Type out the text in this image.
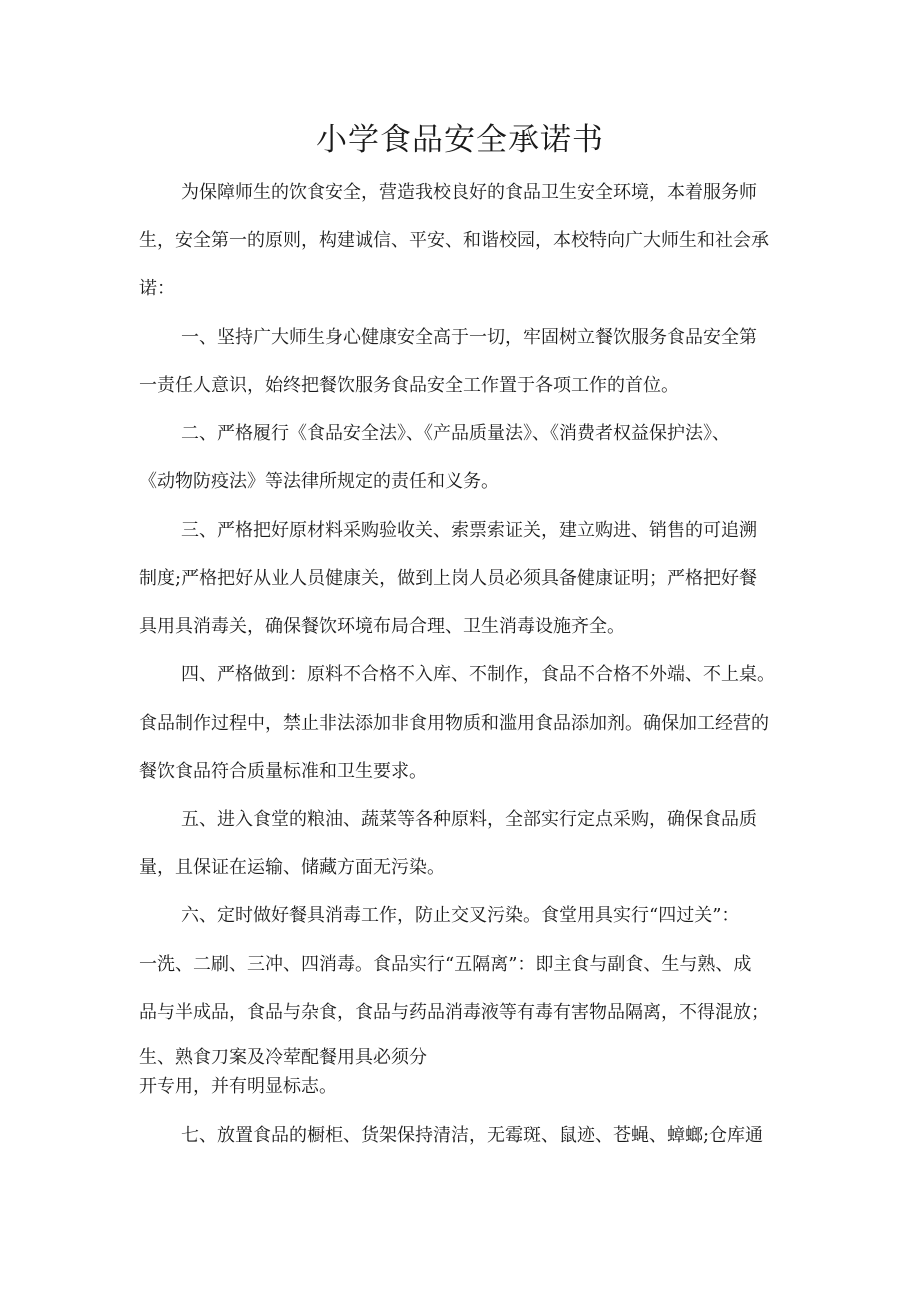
小学食品安全承诺书

为保障师生的饮食安全，营造我校良好的食品卫生安全环境，本着服务师

生，安全第一的原则，构建诚信、平安、和谐校园，本校特向广大师生和社会承

诺：

一、坚持广大师生身心健康安全高于一切，牢固树立餐饮服务食品安全第

一责任人意识，始终把餐饮服务食品安全工作置于各项工作的首位。

二、严格履行《食品安全法》、《产品质量法》、《消费者权益保护法》、

《动物防疫法》等法律所规定的责任和义务。

三、严格把好原材料采购验收关、索票索证关，建立购进、销售的可追溯

制度;严格把好从业人员健康关，做到上岗人员必须具备健康证明；严格把好餐

具用具消毒关，确保餐饮环境布局合理、卫生消毒设施齐全。

四、严格做到：原料不合格不入库、不制作，食品不合格不外端、不上桌。

食品制作过程中，禁止非法添加非食用物质和滥用食品添加剂。确保加工经营的

餐饮食品符合质量标准和卫生要求。

五、进入食堂的粮油、蔬菜等各种原料，全部实行定点采购，确保食品质

量，且保证在运输、储藏方面无污染。

六、定时做好餐具消毒工作，防止交叉污染。食堂用具实行“四过关”：

一洗、二刷、三冲、四消毒。食品实行“五隔离”：即主食与副食、生与熟、成

品与半成品，食品与杂食，食品与药品消毒液等有毒有害物品隔离，不得混放；

生、熟食刀案及冷荤配餐用具必须分

开专用，并有明显标志。

七、放置食品的橱柜、货架保持清洁，无霉斑、鼠迹、苍蝇、蟑螂;仓库通
